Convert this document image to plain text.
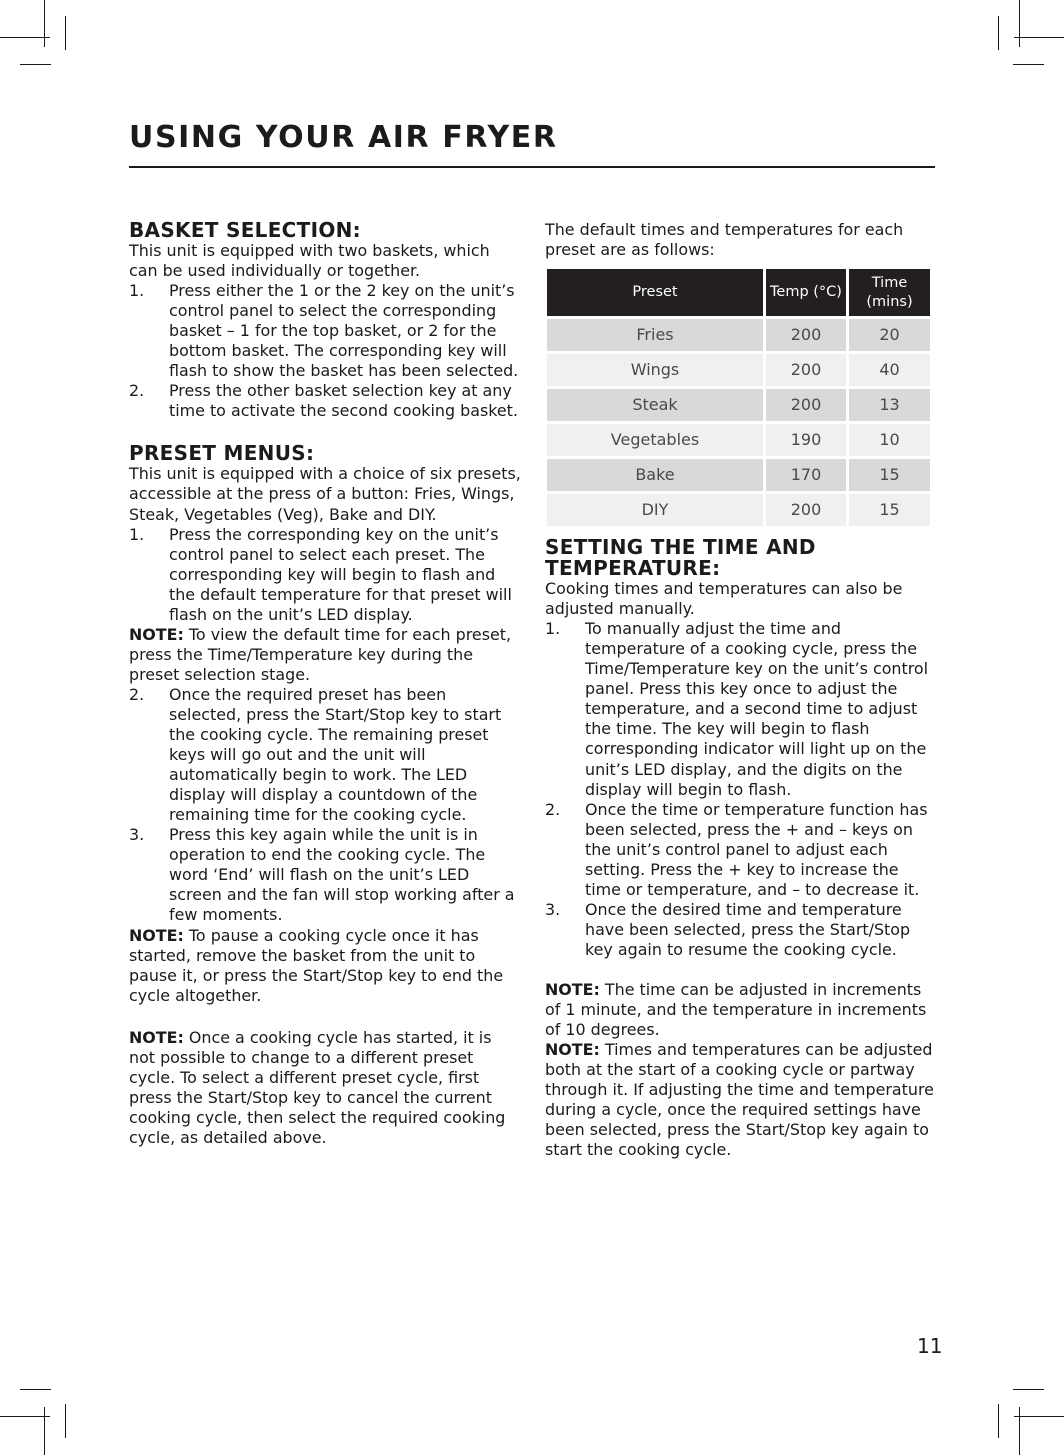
USING YOUR AIR FRYER
BASKET SELECTION:

This unit is equipped with two baskets, which can be used individually or together.

1.	Press either the 1 or the 2 key on the unit’s control panel to select the corresponding basket – 1 for the top basket, or 2 for the bottom basket. The corresponding key will flash to show the basket has been selected.
2.	Press the other basket selection key at any time to activate the second cooking basket.
PRESET MENUS:

This unit is equipped with a choice of six presets, accessible at the press of a button: Fries, Wings, Steak, Vegetables (Veg), Bake and DIY.

1.	Press the corresponding key on the unit’s control panel to select each preset. The corresponding key will begin to flash and the default temperature for that preset will flash on the unit’s LED display.

NOTE: To view the default time for each preset, press the Time/Temperature key during the preset selection stage.

2.	Once the required preset has been selected, press the Start/Stop key to start the cooking cycle. The remaining preset keys will go out and the unit will automatically begin to work. The LED display will display a countdown of the remaining time for the cooking cycle.
3.	Press this key again while the unit is in operation to end the cooking cycle. The word ‘End’ will flash on the unit’s LED screen and the fan will stop working after a few moments.

NOTE: To pause a cooking cycle once it has started, remove the basket from the unit to pause it, or press the Start/Stop key to end the cycle altogether.

NOTE: Once a cooking cycle has started, it is not possible to change to a different preset cycle. To select a different preset cycle, first press the Start/Stop key to cancel the current cooking cycle, then select the required cooking cycle, as detailed above.

The default times and temperatures for each preset are as follows:

Preset	Temp (°C)	Time (mins)
Fries	200	20
Wings	200	40
Steak	200	13
Vegetables	190	10
Bake	170	15
DIY	200	15
SETTING THE TIME AND TEMPERATURE:

Cooking times and temperatures can also be adjusted manually.

1.	To manually adjust the time and temperature of a cooking cycle, press the Time/Temperature key on the unit’s control panel. Press this key once to adjust the temperature, and a second time to adjust the time. The key will begin to flash corresponding indicator will light up on the unit’s LED display, and the digits on the display will begin to flash.
2.	Once the time or temperature function has been selected, press the + and – keys on the unit’s control panel to adjust each setting. Press the + key to increase the time or temperature, and – to decrease it.
3.	Once the desired time and temperature have been selected, press the Start/Stop key again to resume the cooking cycle.

NOTE: The time can be adjusted in increments of 1 minute, and the temperature in increments of 10 degrees.

NOTE: Times and temperatures can be adjusted both at the start of a cooking cycle or partway through it. If adjusting the time and temperature during a cycle, once the required settings have been selected, press the Start/Stop key again to start the cooking cycle.

11
